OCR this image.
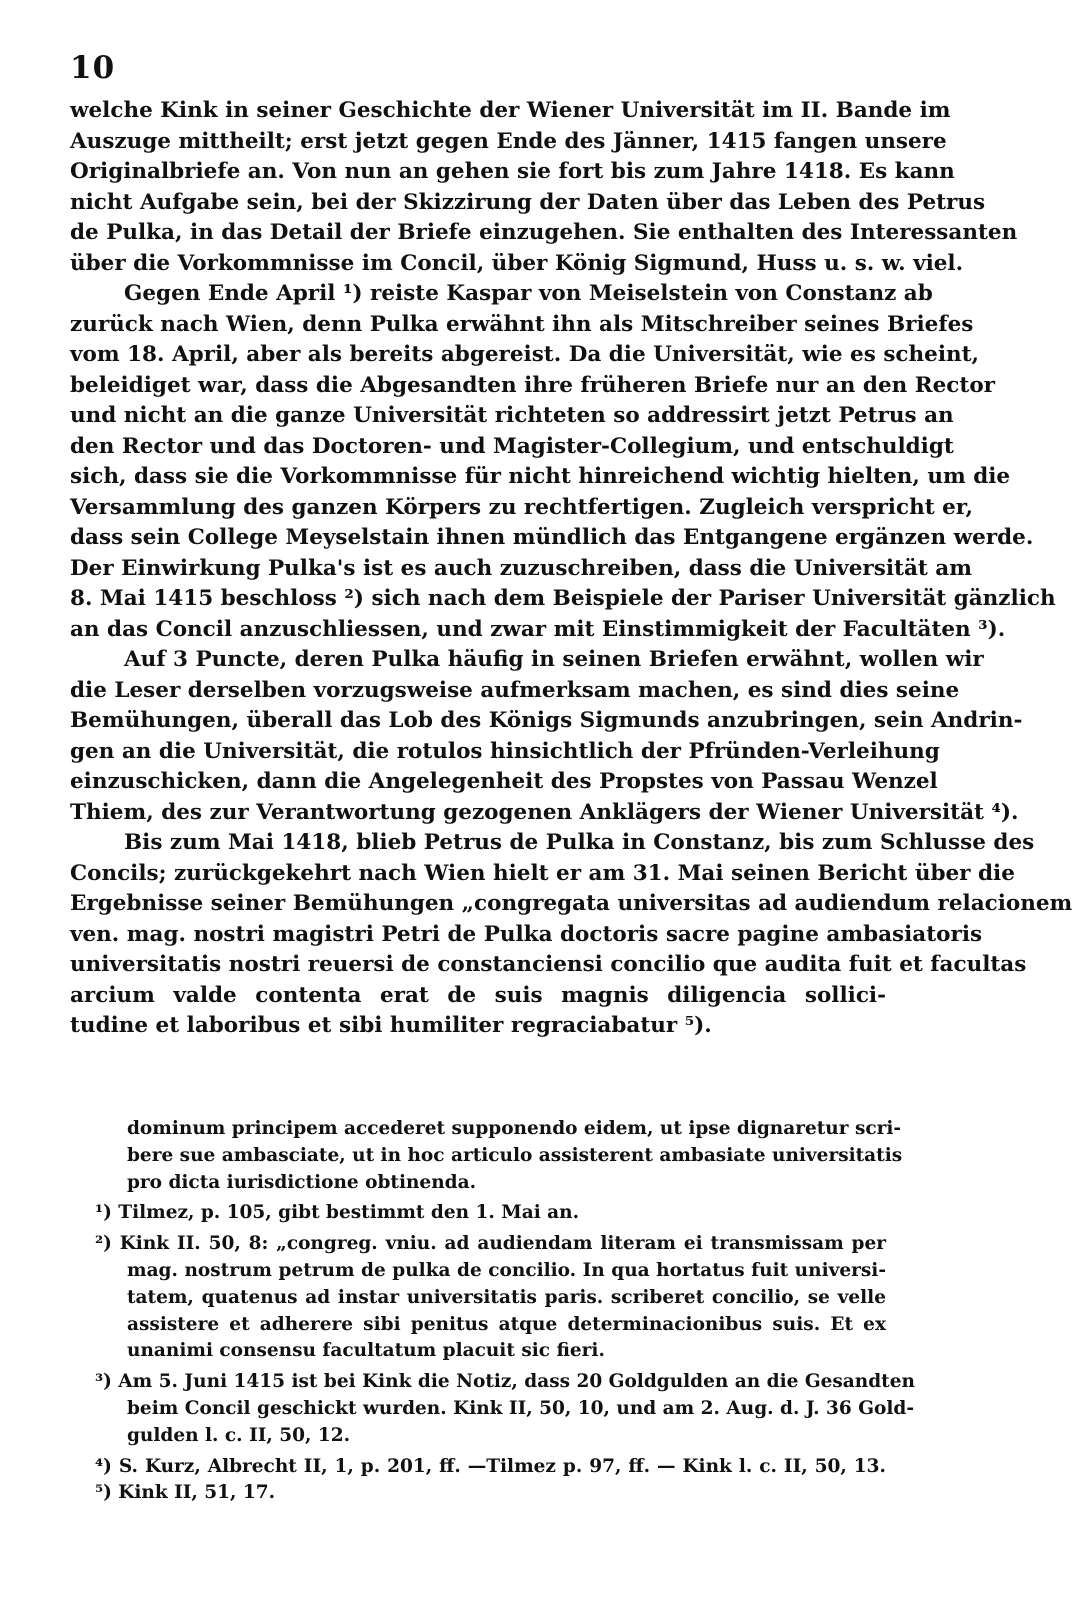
10
welche Kink in seiner Geschichte der Wiener Universität im II. Bande im
Auszuge mittheilt; erst jetzt gegen Ende des Jänner, 1415 fangen unsere
Originalbriefe an. Von nun an gehen sie fort bis zum Jahre 1418. Es kann
nicht Aufgabe sein, bei der Skizzirung der Daten über das Leben des Petrus
de Pulka, in das Detail der Briefe einzugehen. Sie enthalten des Interessanten
über die Vorkommnisse im Concil, über König Sigmund, Huss u. s. w. viel.
Gegen Ende April ¹) reiste Kaspar von Meiselstein von Constanz ab
zurück nach Wien, denn Pulka erwähnt ihn als Mitschreiber seines Briefes
vom 18. April, aber als bereits abgereist. Da die Universität, wie es scheint,
beleidiget war, dass die Abgesandten ihre früheren Briefe nur an den Rector
und nicht an die ganze Universität richteten so addressirt jetzt Petrus an
den Rector und das Doctoren- und Magister-Collegium, und entschuldigt
sich, dass sie die Vorkommnisse für nicht hinreichend wichtig hielten, um die
Versammlung des ganzen Körpers zu rechtfertigen. Zugleich verspricht er,
dass sein College Meyselstain ihnen mündlich das Entgangene ergänzen werde.
Der Einwirkung Pulka's ist es auch zuzuschreiben, dass die Universität am
8. Mai 1415 beschloss ²) sich nach dem Beispiele der Pariser Universität gänzlich
an das Concil anzuschliessen, und zwar mit Einstimmigkeit der Facultäten ³).
Auf 3 Puncte, deren Pulka häufig in seinen Briefen erwähnt, wollen wir
die Leser derselben vorzugsweise aufmerksam machen, es sind dies seine
Bemühungen, überall das Lob des Königs Sigmunds anzubringen, sein Andrin-
gen an die Universität, die rotulos hinsichtlich der Pfründen-Verleihung
einzuschicken, dann die Angelegenheit des Propstes von Passau Wenzel
Thiem, des zur Verantwortung gezogenen Anklägers der Wiener Universität ⁴).
Bis zum Mai 1418, blieb Petrus de Pulka in Constanz, bis zum Schlusse des
Concils; zurückgekehrt nach Wien hielt er am 31. Mai seinen Bericht über die
Ergebnisse seiner Bemühungen „congregata universitas ad audiendum relacionem
ven. mag. nostri magistri Petri de Pulka doctoris sacre pagine ambasiatoris
universitatis nostri reuersi de constanciensi concilio que audita fuit et facultas
arcium valde contenta erat de suis magnis diligencia sollici-
tudine et laboribus et sibi humiliter regraciabatur ⁵).
dominum principem accederet supponendo eidem, ut ipse dignaretur scri-
bere sue ambasciate, ut in hoc articulo assisterent ambasiate universitatis
pro dicta iurisdictione obtinenda.
¹) Tilmez, p. 105, gibt bestimmt den 1. Mai an.
²) Kink II. 50, 8: „congreg. vniu. ad audiendam literam ei transmissam per
mag. nostrum petrum de pulka de concilio. In qua hortatus fuit universi-
tatem, quatenus ad instar universitatis paris. scriberet concilio, se velle
assistere et adherere sibi penitus atque determinacionibus suis. Et ex
unanimi consensu facultatum placuit sic fieri.
³) Am 5. Juni 1415 ist bei Kink die Notiz, dass 20 Goldgulden an die Gesandten
beim Concil geschickt wurden. Kink II, 50, 10, und am 2. Aug. d. J. 36 Gold-
gulden l. c. II, 50, 12.
⁴) S. Kurz, Albrecht II, 1, p. 201, ff. —Tilmez p. 97, ff. — Kink l. c. II, 50, 13.
⁵) Kink II, 51, 17.
